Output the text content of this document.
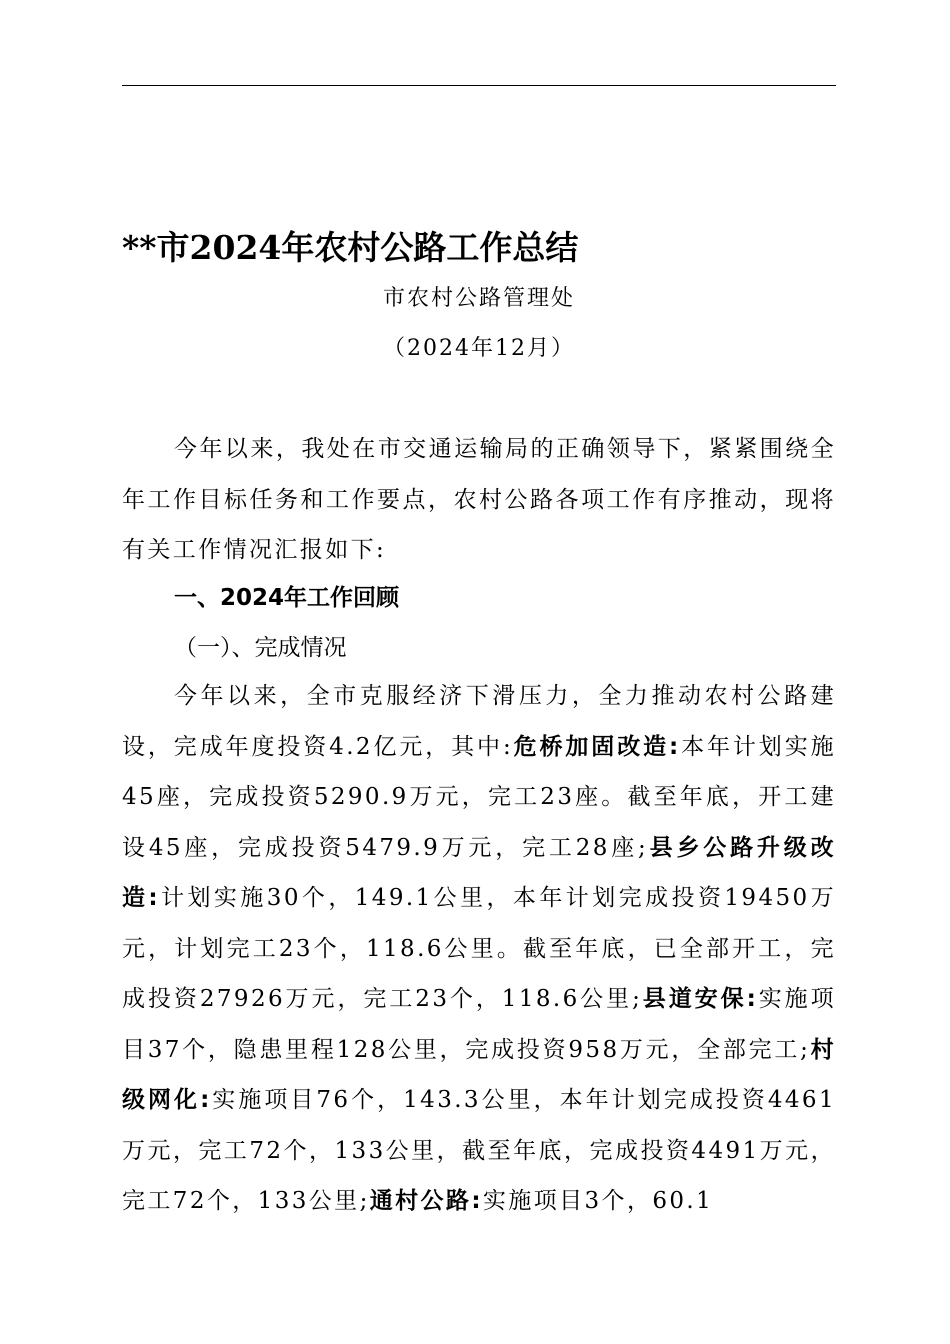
**市2024年农村公路工作总结
市农村公路管理处
（2024年12月）
今年以来，我处在市交通运输局的正确领导下，紧紧围绕全年工作目标任务和工作要点，农村公路各项工作有序推动，现将有关工作情况汇报如下:
一、2024年工作回顾
（一）、完成情况
今年以来，全市克服经济下滑压力，全力推动农村公路建设，完成年度投资4.2亿元，其中:危桥加固改造:本年计划实施45座，完成投资5290.9万元，完工23座。截至年底，开工建设45座，完成投资5479.9万元，完工28座;县乡公路升级改造:计划实施30个，149.1公里，本年计划完成投资19450万元，计划完工23个，118.6公里。截至年底，已全部开工，完成投资27926万元，完工23个，118.6公里;县道安保:实施项目37个，隐患里程128公里，完成投资958万元，全部完工;村级网化:实施项目76个，143.3公里，本年计划完成投资4461万元，完工72个，133公里，截至年底，完成投资4491万元，完工72个，133公里;通村公路:实施项目3个，60.1
